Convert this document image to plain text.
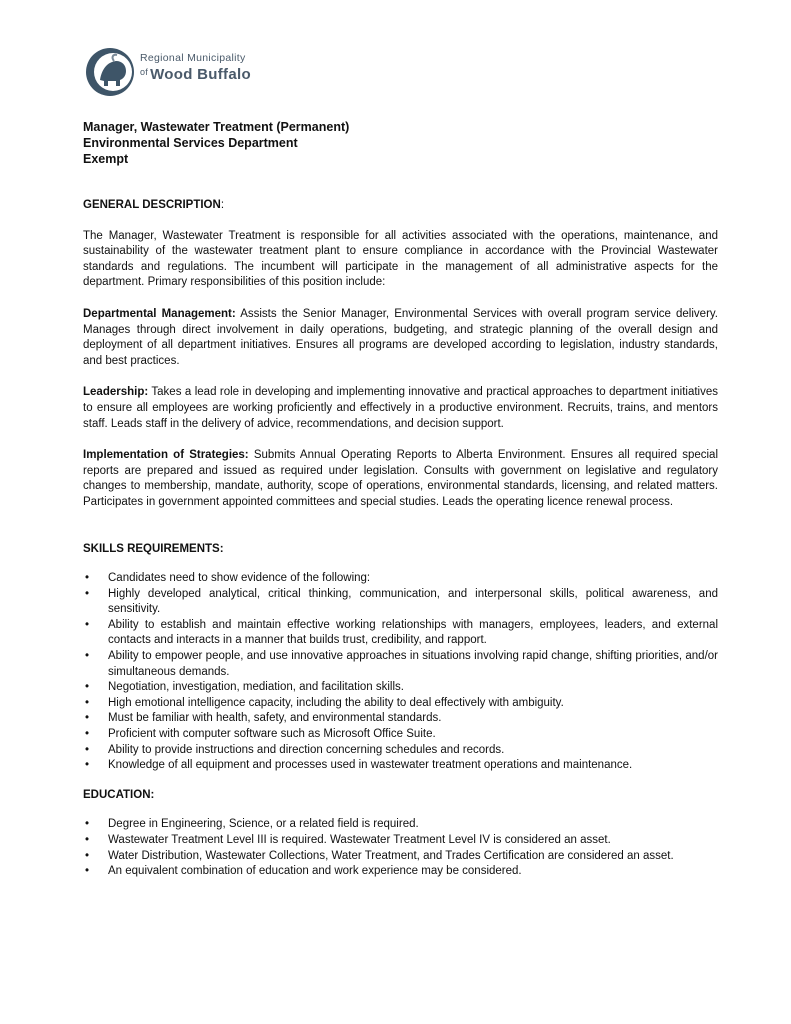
Regional Municipality
$^{of}$ Wood Buffalo
Manager, Wastewater Treatment (Permanent)
Environmental Services Department
Exempt
GENERAL DESCRIPTION:

The Manager, Wastewater Treatment is responsible for all activities associated with the operations, maintenance, and sustainability of the wastewater treatment plant to ensure compliance in accordance with the Provincial Wastewater standards and regulations. The incumbent will participate in the management of all administrative aspects for the department. Primary responsibilities of this position include:

Departmental Management: Assists the Senior Manager, Environmental Services with overall program service delivery. Manages through direct involvement in daily operations, budgeting, and strategic planning of the overall design and deployment of all department initiatives. Ensures all programs are developed according to legislation, industry standards, and best practices.

Leadership: Takes a lead role in developing and implementing innovative and practical approaches to department initiatives to ensure all employees are working proficiently and effectively in a productive environment. Recruits, trains, and mentors staff. Leads staff in the delivery of advice, recommendations, and decision support.

Implementation of Strategies: Submits Annual Operating Reports to Alberta Environment. Ensures all required special reports are prepared and issued as required under legislation. Consults with government on legislative and regulatory changes to membership, mandate, authority, scope of operations, environmental standards, licensing, and related matters. Participates in government appointed committees and special studies. Leads the operating licence renewal process.

SKILLS REQUIREMENTS:
• Candidates need to show evidence of the following:
• Highly developed analytical, critical thinking, communication, and interpersonal skills, political awareness, and sensitivity.
• Ability to establish and maintain effective working relationships with managers, employees, leaders, and external contacts and interacts in a manner that builds trust, credibility, and rapport.
• Ability to empower people, and use innovative approaches in situations involving rapid change, shifting priorities, and/or simultaneous demands.
• Negotiation, investigation, mediation, and facilitation skills.
• High emotional intelligence capacity, including the ability to deal effectively with ambiguity.
• Must be familiar with health, safety, and environmental standards.
• Proficient with computer software such as Microsoft Office Suite.
• Ability to provide instructions and direction concerning schedules and records.
• Knowledge of all equipment and processes used in wastewater treatment operations and maintenance.
EDUCATION:
• Degree in Engineering, Science, or a related field is required.
• Wastewater Treatment Level III is required. Wastewater Treatment Level IV is considered an asset.
• Water Distribution, Wastewater Collections, Water Treatment, and Trades Certification are considered an asset.
• An equivalent combination of education and work experience may be considered.
